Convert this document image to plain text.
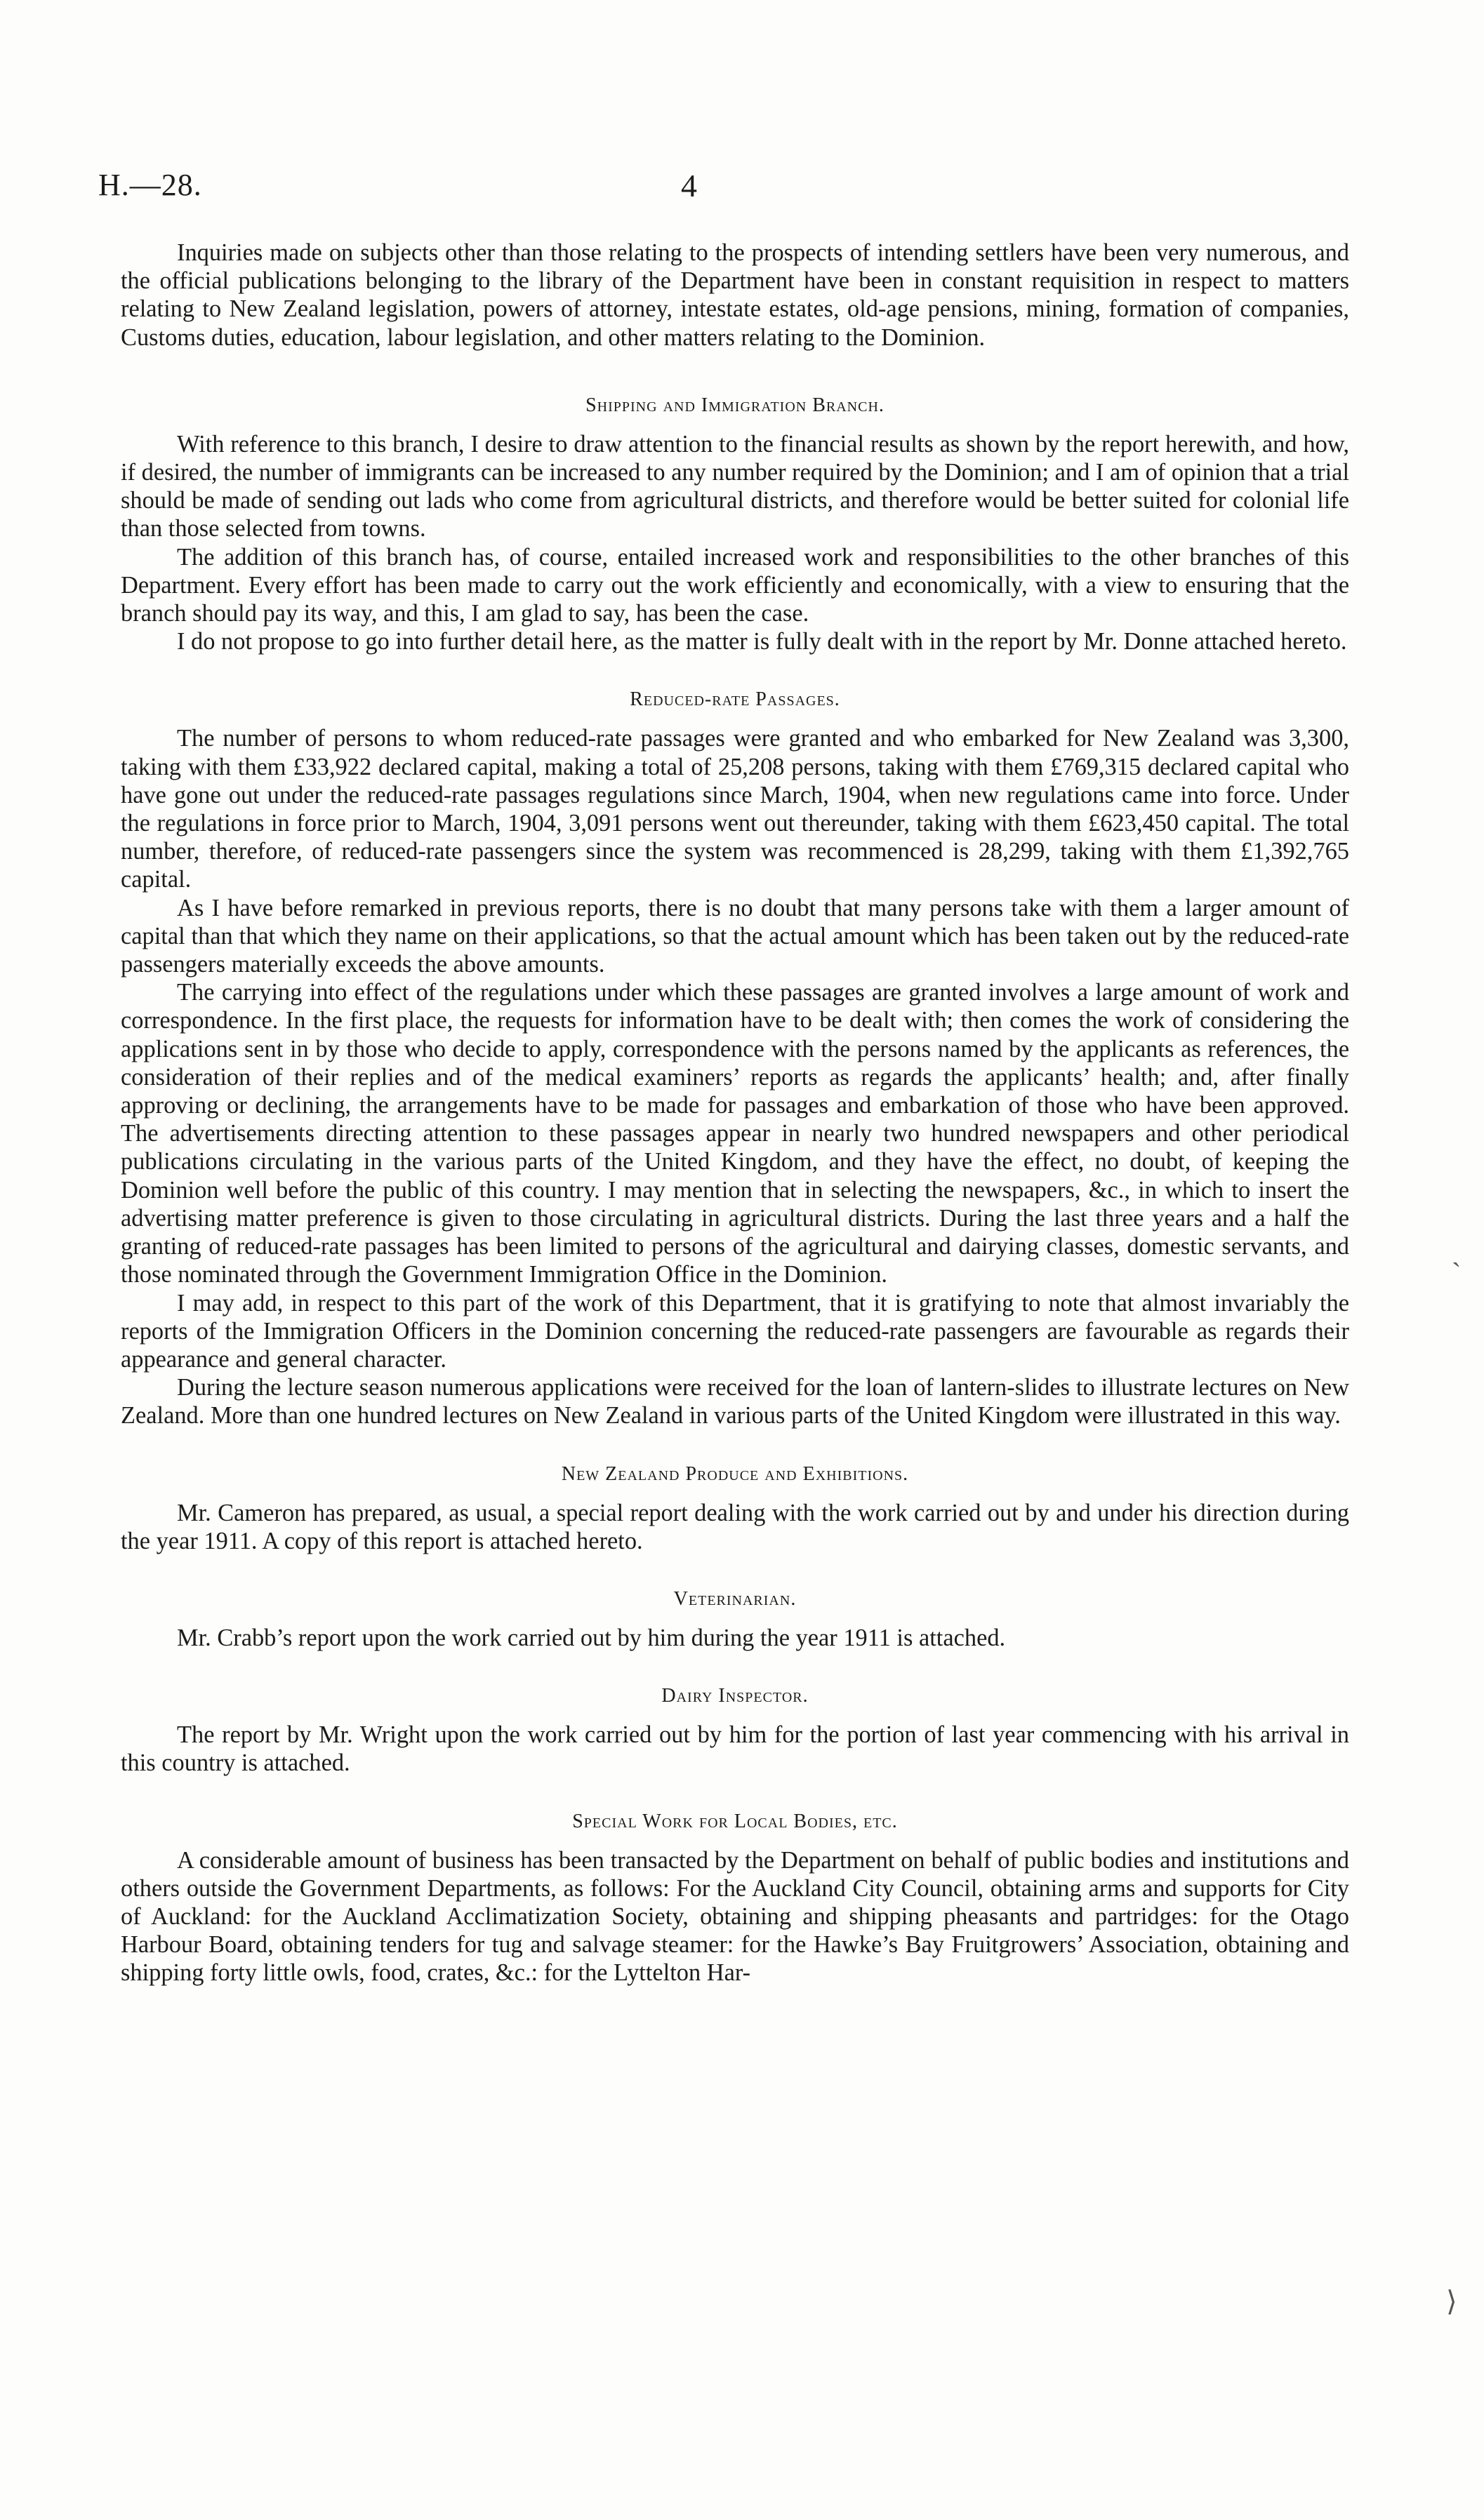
H.—28.	4

Inquiries made on subjects other than those relating to the prospects of intending settlers have been very numerous, and the official publications belonging to the library of the Department have been in constant requisition in respect to matters relating to New Zealand legislation, powers of attorney, intestate estates, old-age pensions, mining, formation of companies, Customs duties, education, labour legislation, and other matters relating to the Dominion.

Shipping and Immigration Branch.

With reference to this branch, I desire to draw attention to the financial results as shown by the report herewith, and how, if desired, the number of immigrants can be increased to any number required by the Dominion; and I am of opinion that a trial should be made of sending out lads who come from agricultural districts, and therefore would be better suited for colonial life than those selected from towns.

The addition of this branch has, of course, entailed increased work and responsibilities to the other branches of this Department. Every effort has been made to carry out the work efficiently and economically, with a view to ensuring that the branch should pay its way, and this, I am glad to say, has been the case.

I do not propose to go into further detail here, as the matter is fully dealt with in the report by Mr. Donne attached hereto.

Reduced-rate Passages.

The number of persons to whom reduced-rate passages were granted and who embarked for New Zealand was 3,300, taking with them £33,922 declared capital, making a total of 25,208 persons, taking with them £769,315 declared capital who have gone out under the reduced-rate passages regulations since March, 1904, when new regulations came into force. Under the regulations in force prior to March, 1904, 3,091 persons went out thereunder, taking with them £623,450 capital. The total number, therefore, of reduced-rate passengers since the system was recommenced is 28,299, taking with them £1,392,765 capital.

As I have before remarked in previous reports, there is no doubt that many persons take with them a larger amount of capital than that which they name on their applications, so that the actual amount which has been taken out by the reduced-rate passengers materially exceeds the above amounts.

The carrying into effect of the regulations under which these passages are granted involves a large amount of work and correspondence. In the first place, the requests for information have to be dealt with; then comes the work of considering the applications sent in by those who decide to apply, correspondence with the persons named by the applicants as references, the consideration of their replies and of the medical examiners’ reports as regards the applicants’ health; and, after finally approving or declining, the arrangements have to be made for passages and embarkation of those who have been approved. The advertisements directing attention to these passages appear in nearly two hundred newspapers and other periodical publications circulating in the various parts of the United Kingdom, and they have the effect, no doubt, of keeping the Dominion well before the public of this country. I may mention that in selecting the newspapers, &c., in which to insert the advertising matter preference is given to those circulating in agricultural districts. During the last three years and a half the granting of reduced-rate passages has been limited to persons of the agricultural and dairying classes, domestic servants, and those nominated through the Government Immigration Office in the Dominion.

I may add, in respect to this part of the work of this Department, that it is gratifying to note that almost invariably the reports of the Immigration Officers in the Dominion concerning the reduced-rate passengers are favourable as regards their appearance and general character.

During the lecture season numerous applications were received for the loan of lantern-slides to illustrate lectures on New Zealand. More than one hundred lectures on New Zealand in various parts of the United Kingdom were illustrated in this way.

New Zealand Produce and Exhibitions.

Mr. Cameron has prepared, as usual, a special report dealing with the work carried out by and under his direction during the year 1911. A copy of this report is attached hereto.

Veterinarian.

Mr. Crabb’s report upon the work carried out by him during the year 1911 is attached.

Dairy Inspector.

The report by Mr. Wright upon the work carried out by him for the portion of last year commencing with his arrival in this country is attached.

Special Work for Local Bodies, etc.

A considerable amount of business has been transacted by the Department on behalf of public bodies and institutions and others outside the Government Departments, as follows: For the Auckland City Council, obtaining arms and supports for City of Auckland: for the Auckland Acclimatization Society, obtaining and shipping pheasants and partridges: for the Otago Harbour Board, obtaining tenders for tug and salvage steamer: for the Hawke’s Bay Fruitgrowers’ Association, obtaining and shipping forty little owls, food, crates, &c.: for the Lyttelton Har-

˴
⟩
